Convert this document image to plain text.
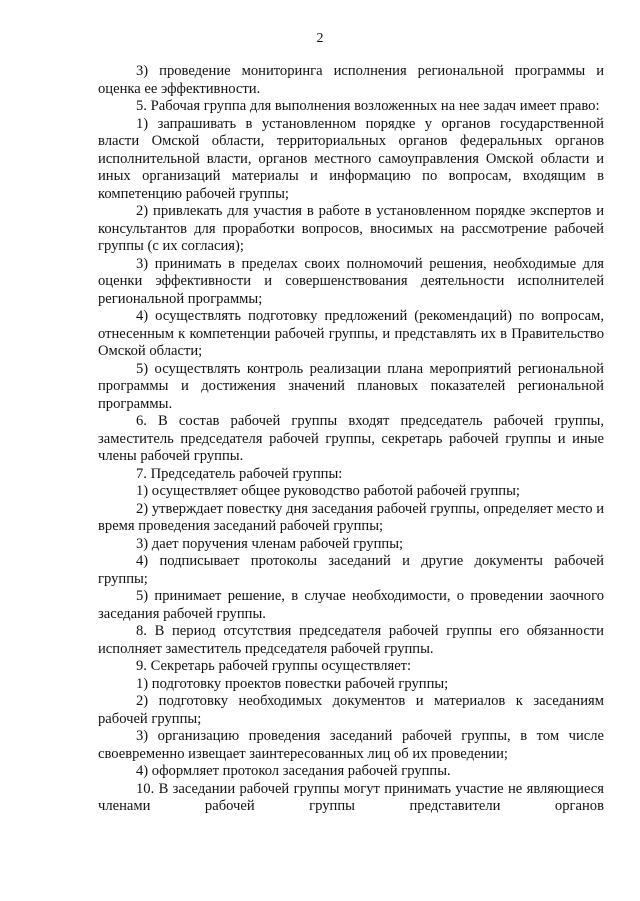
2

3) проведение мониторинга исполнения региональной программы и оценка ее эффективности.

5. Рабочая группа для выполнения возложенных на нее задач имеет право:

1) запрашивать в установленном порядке у органов государственной власти Омской области, территориальных органов федеральных органов исполнительной власти, органов местного самоуправления Омской области и иных организаций материалы и информацию по вопросам, входящим в компетенцию рабочей группы;

2) привлекать для участия в работе в установленном порядке экспертов и консультантов для проработки вопросов, вносимых на рассмотрение рабочей группы (с их согласия);

3) принимать в пределах своих полномочий решения, необходимые для оценки эффективности и совершенствования деятельности исполнителей региональной программы;

4) осуществлять подготовку предложений (рекомендаций) по вопросам, отнесенным к компетенции рабочей группы, и представлять их в Правительство Омской области;

5) осуществлять контроль реализации плана мероприятий региональной программы и достижения значений плановых показателей региональной программы.

6. В состав рабочей группы входят председатель рабочей группы, заместитель председателя рабочей группы, секретарь рабочей группы и иные члены рабочей группы.

7. Председатель рабочей группы:

1) осуществляет общее руководство работой рабочей группы;

2) утверждает повестку дня заседания рабочей группы, определяет место и время проведения заседаний рабочей группы;

3) дает поручения членам рабочей группы;

4) подписывает протоколы заседаний и другие документы рабочей группы;

5) принимает решение, в случае необходимости, о проведении заочного заседания рабочей группы.

8. В период отсутствия председателя рабочей группы его обязанности исполняет заместитель председателя рабочей группы.

9. Секретарь рабочей группы осуществляет:

1) подготовку проектов повестки рабочей группы;

2) подготовку необходимых документов и материалов к заседаниям рабочей группы;

3) организацию проведения заседаний рабочей группы, в том числе своевременно извещает заинтересованных лиц об их проведении;

4) оформляет протокол заседания рабочей группы.

10. В заседании рабочей группы могут принимать участие не являющиеся членами рабочей группы представители органов
